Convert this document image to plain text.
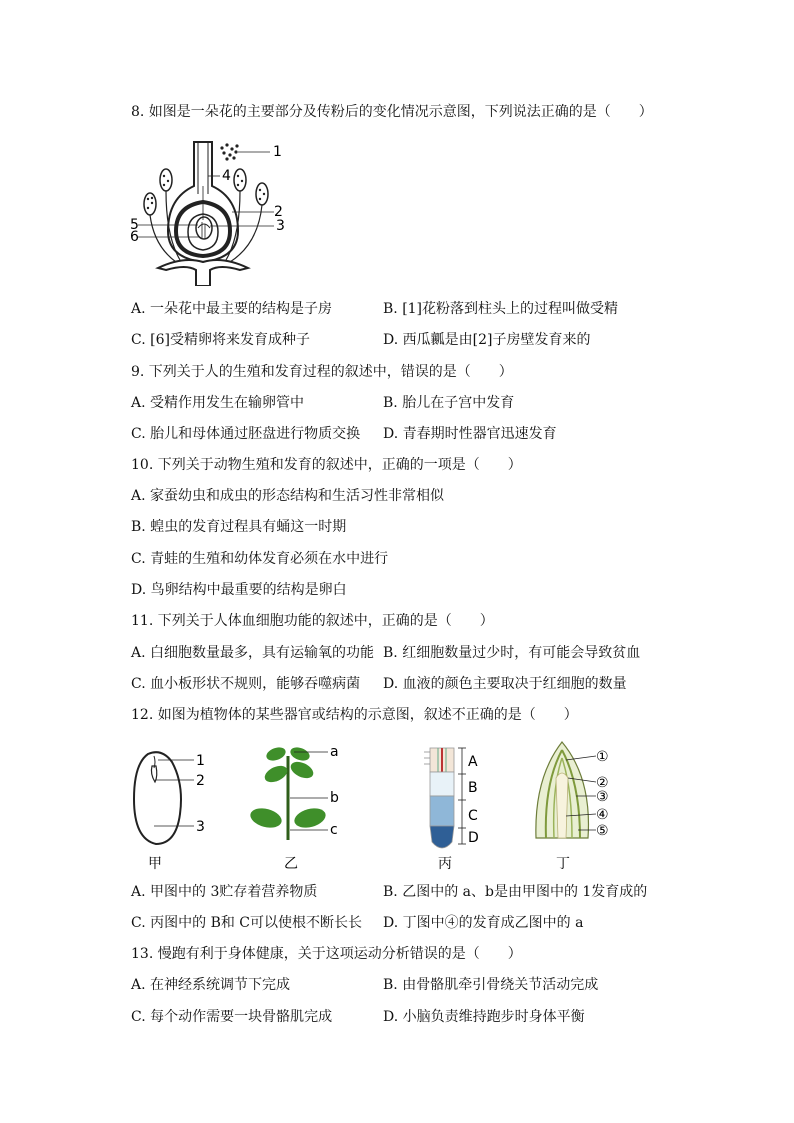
8. 如图是一朵花的主要部分及传粉后的变化情况示意图，下列说法正确的是（　　）
1
2
3
4
5
6
A. 一朵花中最主要的结构是子房	B. [1]花粉落到柱头上的过程叫做受精
C. [6]受精卵将来发育成种子	D. 西瓜瓤是由[2]子房壁发育来的
9. 下列关于人的生殖和发育过程的叙述中，错误的是（　　）
A. 受精作用发生在输卵管中	B. 胎儿在子宫中发育
C. 胎儿和母体通过胚盘进行物质交换 D. 青春期时性器官迅速发育
10. 下列关于动物生殖和发育的叙述中，正确的一项是（　　）
A. 家蚕幼虫和成虫的形态结构和生活习性非常相似
B. 蝗虫的发育过程具有蛹这一时期
C. 青蛙的生殖和幼体发育必须在水中进行
D. 鸟卵结构中最重要的结构是卵白
11. 下列关于人体血细胞功能的叙述中，正确的是（　　）
A. 白细胞数量最多，具有运输氧的功能 B. 红细胞数量过少时，有可能会导致贫血
C. 血小板形状不规则，能够吞噬病菌 D. 血液的颜色主要取决于红细胞的数量
12. 如图为植物体的某些器官或结构的示意图，叙述不正确的是（　　）
1
2
3
甲
a
b
c
乙
A
B
C
D
丙
①
②
③
④
⑤
丁
A. 甲图中的 3贮存着营养物质	B. 乙图中的 a、b是由甲图中的 1发育成的
C. 丙图中的 B和 C可以使根不断长长 D. 丁图中④的发育成乙图中的 a
13. 慢跑有利于身体健康，关于这项运动分析错误的是（　　）
A. 在神经系统调节下完成	B. 由骨骼肌牵引骨绕关节活动完成
C. 每个动作需要一块骨骼肌完成	D. 小脑负责维持跑步时身体平衡
